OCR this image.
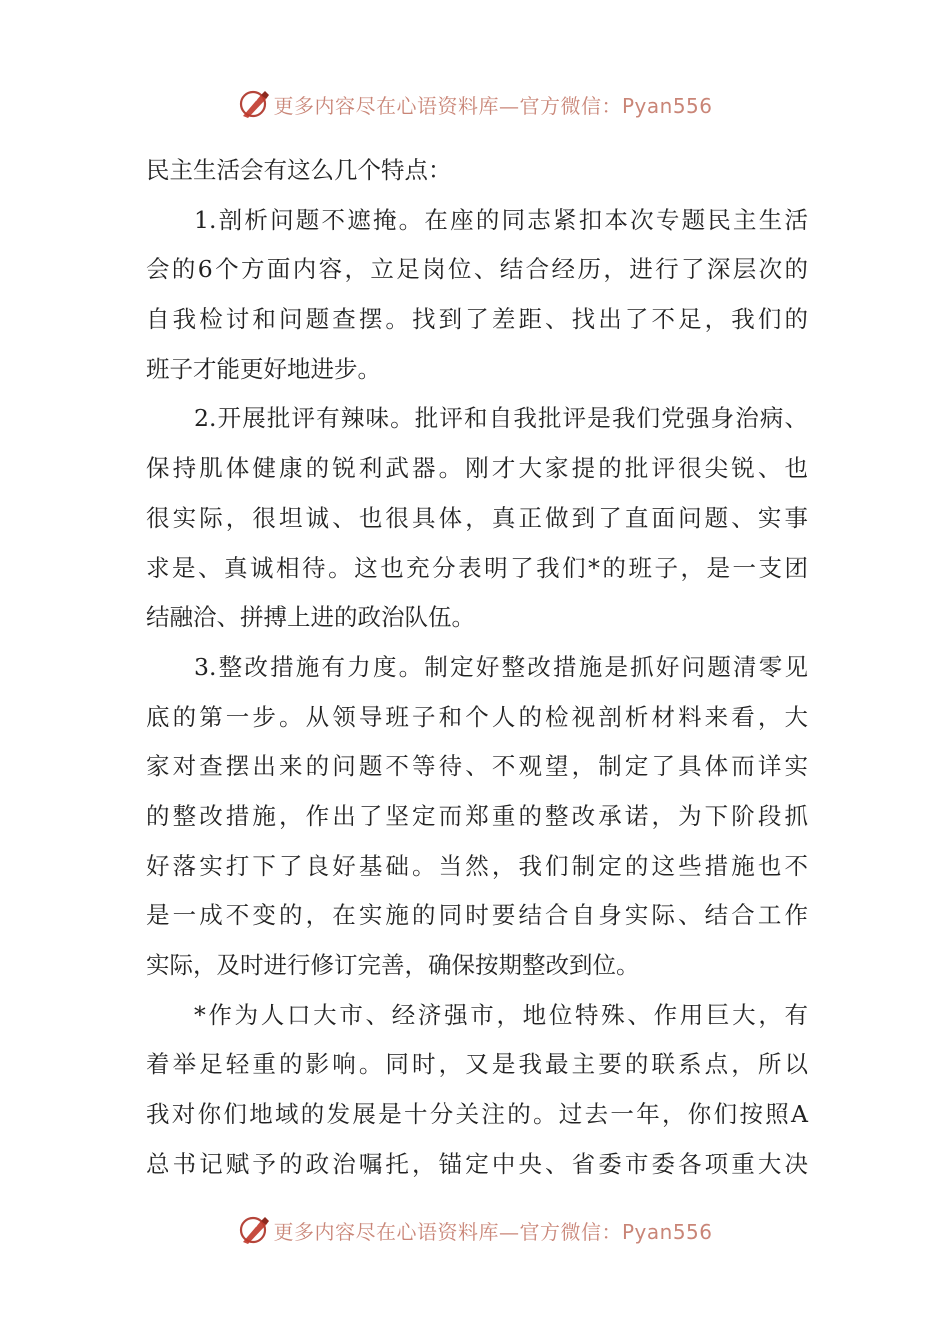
更多内容尽在心语资料库—官方微信：Pyan556
民主生活会有这么几个特点：
1.剖析问题不遮掩。在座的同志紧扣本次专题民主生活
会的6个方面内容，立足岗位、结合经历，进行了深层次的
自我检讨和问题查摆。找到了差距、找出了不足，我们的
班子才能更好地进步。
2.开展批评有辣味。批评和自我批评是我们党强身治病、
保持肌体健康的锐利武器。刚才大家提的批评很尖锐、也
很实际，很坦诚、也很具体，真正做到了直面问题、实事
求是、真诚相待。这也充分表明了我们*的班子，是一支团
结融洽、拼搏上进的政治队伍。
3.整改措施有力度。制定好整改措施是抓好问题清零见
底的第一步。从领导班子和个人的检视剖析材料来看，大
家对查摆出来的问题不等待、不观望，制定了具体而详实
的整改措施，作出了坚定而郑重的整改承诺，为下阶段抓
好落实打下了良好基础。当然，我们制定的这些措施也不
是一成不变的，在实施的同时要结合自身实际、结合工作
实际，及时进行修订完善，确保按期整改到位。
*作为人口大市、经济强市，地位特殊、作用巨大，有
着举足轻重的影响。同时，又是我最主要的联系点，所以
我对你们地域的发展是十分关注的。过去一年，你们按照A
总书记赋予的政治嘱托，锚定中央、省委市委各项重大决
更多内容尽在心语资料库—官方微信：Pyan556
